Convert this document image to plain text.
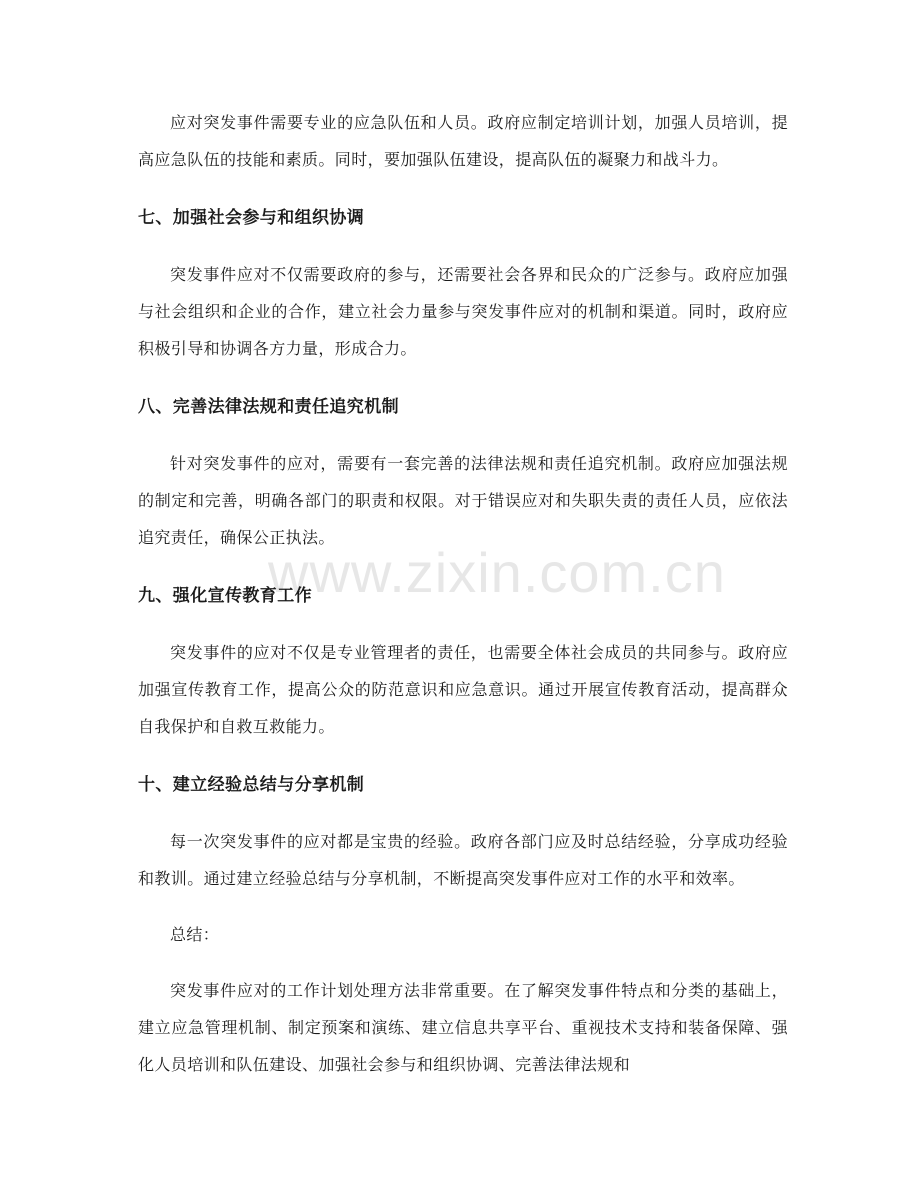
www.zixin.com.cn

应对突发事件需要专业的应急队伍和人员。政府应制定培训计划，加强人员培训，提高应急队伍的技能和素质。同时，要加强队伍建设，提高队伍的凝聚力和战斗力。

七、加强社会参与和组织协调

突发事件应对不仅需要政府的参与，还需要社会各界和民众的广泛参与。政府应加强与社会组织和企业的合作，建立社会力量参与突发事件应对的机制和渠道。同时，政府应积极引导和协调各方力量，形成合力。

八、完善法律法规和责任追究机制

针对突发事件的应对，需要有一套完善的法律法规和责任追究机制。政府应加强法规的制定和完善，明确各部门的职责和权限。对于错误应对和失职失责的责任人员，应依法追究责任，确保公正执法。

九、强化宣传教育工作

突发事件的应对不仅是专业管理者的责任，也需要全体社会成员的共同参与。政府应加强宣传教育工作，提高公众的防范意识和应急意识。通过开展宣传教育活动，提高群众自我保护和自救互救能力。

十、建立经验总结与分享机制

每一次突发事件的应对都是宝贵的经验。政府各部门应及时总结经验，分享成功经验和教训。通过建立经验总结与分享机制，不断提高突发事件应对工作的水平和效率。

总结：

突发事件应对的工作计划处理方法非常重要。在了解突发事件特点和分类的基础上，建立应急管理机制、制定预案和演练、建立信息共享平台、重视技术支持和装备保障、强化人员培训和队伍建设、加强社会参与和组织协调、完善法律法规和
